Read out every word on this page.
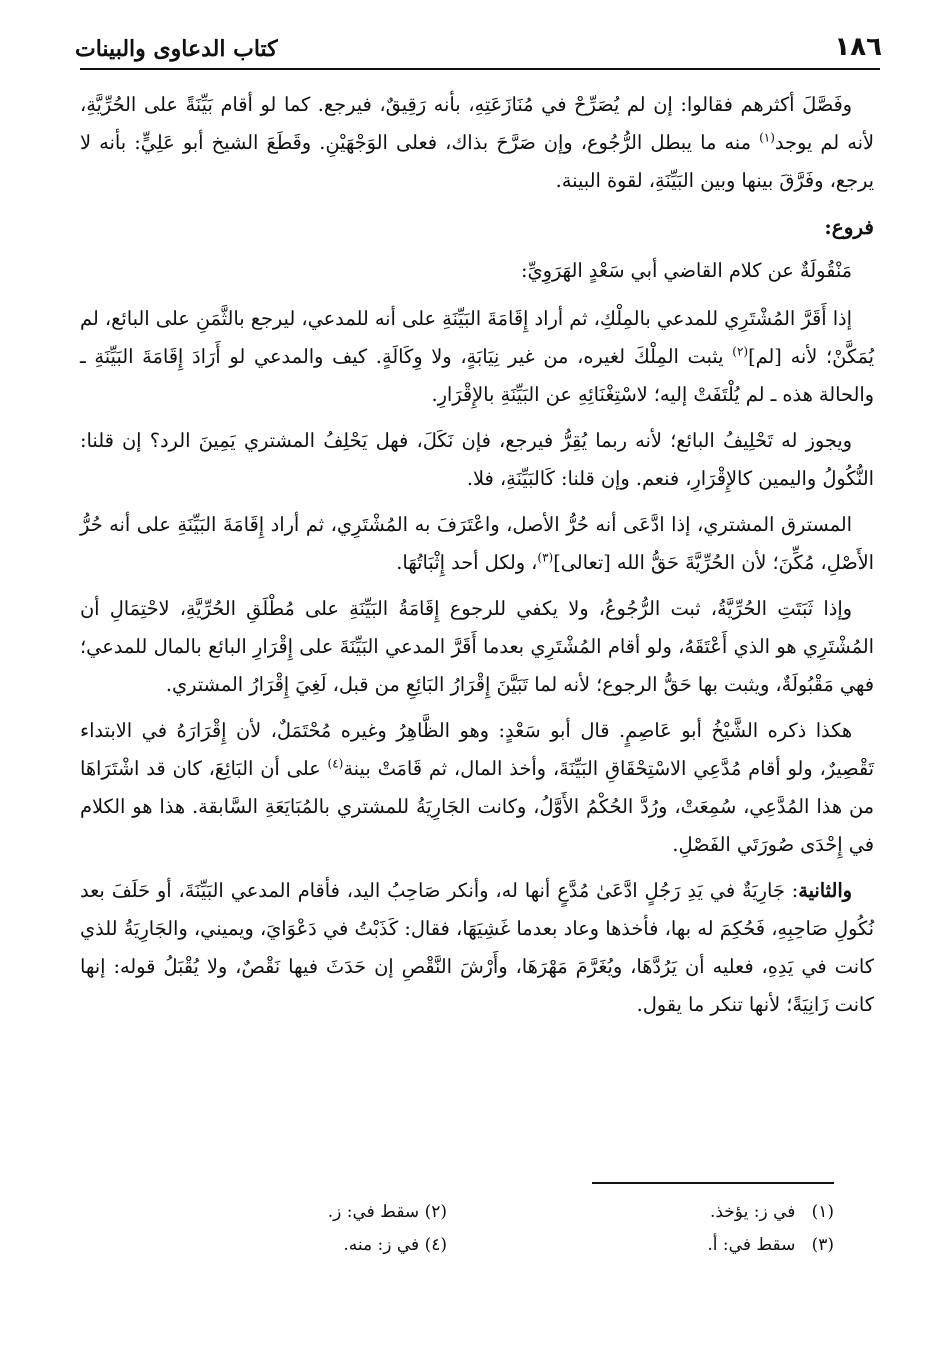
١٨٦
كتاب الدعاوى والبينات

وفَصَّلَ أكثرهم فقالوا: إن لم يُصَرِّحْ في مُنَازَعَتِهِ، بأنه رَقِيقٌ، فيرجع. كما لو أقام بَيِّنَةً على الحُرِّيَّةِ، لأنه لم يوجد$^{(١)}$ منه ما يبطل الرُّجُوع، وإن صَرَّحَ بذاك، فعلى الوَجْهَيْنِ. وقَطَعَ الشيخ أبو عَلِيٍّ: بأنه لا يرجع، وفَرَّقَ بينها وبين البَيِّنَةِ، لقوة البينة.

فروع:
مَنْقُولَةٌ عن كلام القاضي أبي سَعْدٍ الهَرَوِيِّ:

إذا أَقَرَّ المُشْتَرِي للمدعي بالمِلْكِ، ثم أراد إِقَامَةَ البَيِّنَةِ على أنه للمدعي، ليرجع بالثَّمَنِ على البائع، لم يُمَكَّنْ؛ لأنه [لم]$^{(٢)}$ يثبت المِلْكَ لغيره، من غير نِيَابَةٍ، ولا وِكَالَةٍ. كيف والمدعي لو أَرَادَ إِقَامَةَ البَيِّنَةِ ـ والحالة هذه ـ لم يُلْتَفَتْ إليه؛ لاسْتِغْنَائِهِ عن البَيِّنَةِ بالإِقْرَارِ.

ويجوز له تَحْلِيفُ البائع؛ لأنه ربما يُقِرُّ فيرجع، فإن نَكَلَ، فهل يَحْلِفُ المشتري يَمِينَ الرد؟ إن قلنا: النُّكُولُ واليمين كالإِقْرَارِ، فنعم. وإن قلنا: كَالبَيِّنَةِ، فلا.

المسترق المشتري، إذا ادَّعَى أنه حُرُّ الأصل، واعْتَرَفَ به المُشْتَرِي، ثم أراد إِقَامَةَ البَيِّنَةِ على أنه حُرُّ الأَصْلِ، مُكِّنَ؛ لأن الحُرِّيَّةَ حَقُّ الله [تعالى]$^{(٣)}$، ولكل أحد إِثْبَاتُهَا.

وإذا ثَبَتَتِ الحُرِّيَّةُ، ثبت الرُّجُوعُ، ولا يكفي للرجوع إِقَامَةُ البَيِّنَةِ على مُطْلَقِ الحُرِّيَّةِ، لاحْتِمَالِ أن المُشْتَرِي هو الذي أَعْتَقَهُ، ولو أقام المُشْتَرِي بعدما أَقَرَّ المدعي البَيِّنَةَ على إِقْرَارِ البائع بالمال للمدعي؛ فهي مَقْبُولَةٌ، ويثبت بها حَقُّ الرجوع؛ لأنه لما تَبَيَّنَ إِقْرَارُ البَائِعِ من قبل، لَغِيَ إِقْرَارُ المشتري.

هكذا ذكره الشَّيْخُ أبو عَاصِمٍ. قال أبو سَعْدٍ: وهو الظَّاهِرُ وغيره مُحْتَمَلٌ، لأن إِقْرَارَهُ في الابتداء تَقْصِيرٌ، ولو أقام مُدَّعِي الاسْتِحْقَاقِ البَيِّنَةَ، وأخذ المال، ثم قَامَتْ بينة$^{(٤)}$ على أن البَائِعَ، كان قد اشْتَرَاهَا من هذا المُدَّعِي، سُمِعَتْ، ورُدَّ الحُكْمُ الأَوَّلُ، وكانت الجَارِيَةُ للمشتري بالمُبَايَعَةِ السَّابقة. هذا هو الكلام في إِحْدَى صُورَتَي الفَصْلِ.

والثانية: جَارِيَةٌ في يَدِ رَجُلٍ ادَّعَىٰ مُدَّعٍ أنها له، وأنكر صَاحِبُ اليد، فأقام المدعي البَيِّنَةَ، أو حَلَفَ بعد نُكُولِ صَاحِبِهِ، فَحُكِمَ له بها، فأخذها وعاد بعدما غَشِيَهَا، فقال: كَذَبْتُ في دَعْوَايَ، ويميني، والجَارِيَةُ للذي كانت في يَدِهِ، فعليه أن يَرُدَّهَا، ويُغَرَّمَ مَهْرَهَا، وأَرْشَ النَّقْصِ إن حَدَثَ فيها نَقْصٌ، ولا يُقْبَلُ قوله: إنها كانت زَانِيَةً؛ لأنها تنكر ما يقول.

(١)   في ز: يؤخذ.
(٢) سقط في: ز.
(٣)   سقط في: أ.
(٤) في ز: منه.
